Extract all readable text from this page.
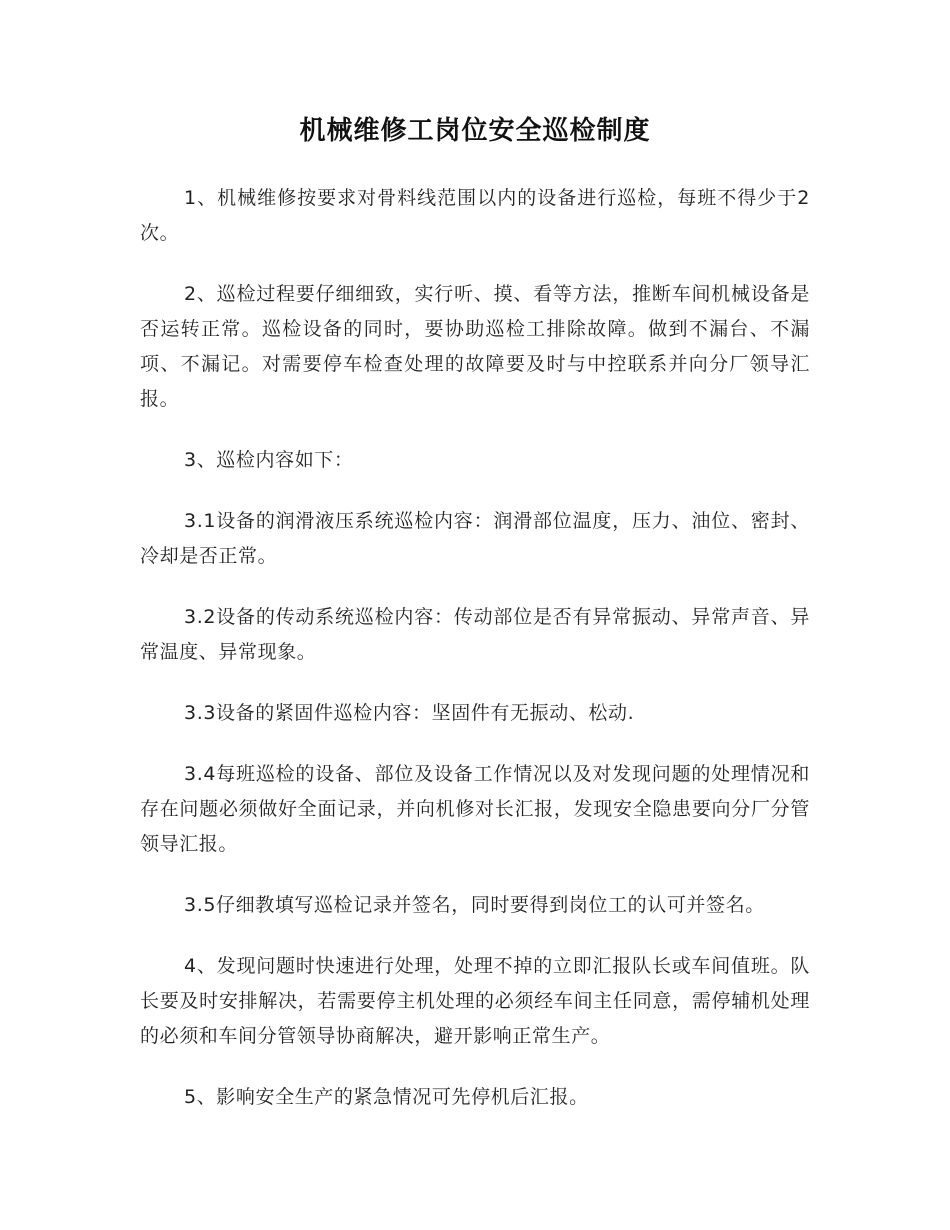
机械维修工岗位安全巡检制度

1、机械维修按要求对骨料线范围以内的设备进行巡检，每班不得少于2次。

2、巡检过程要仔细细致，实行听、摸、看等方法，推断车间机械设备是否运转正常。巡检设备的同时，要协助巡检工排除故障。做到不漏台、不漏项、不漏记。对需要停车检查处理的故障要及时与中控联系并向分厂领导汇报。

3、巡检内容如下：

3.1设备的润滑液压系统巡检内容：润滑部位温度，压力、油位、密封、冷却是否正常。

3.2设备的传动系统巡检内容：传动部位是否有异常振动、异常声音、异常温度、异常现象。

3.3设备的紧固件巡检内容：坚固件有无振动、松动.

3.4每班巡检的设备、部位及设备工作情况以及对发现问题的处理情况和存在问题必须做好全面记录，并向机修对长汇报，发现安全隐患要向分厂分管领导汇报。

3.5仔细教填写巡检记录并签名，同时要得到岗位工的认可并签名。

4、发现问题时快速进行处理，处理不掉的立即汇报队长或车间值班。队长要及时安排解决，若需要停主机处理的必须经车间主任同意，需停辅机处理的必须和车间分管领导协商解决，避开影响正常生产。

5、影响安全生产的紧急情况可先停机后汇报。
